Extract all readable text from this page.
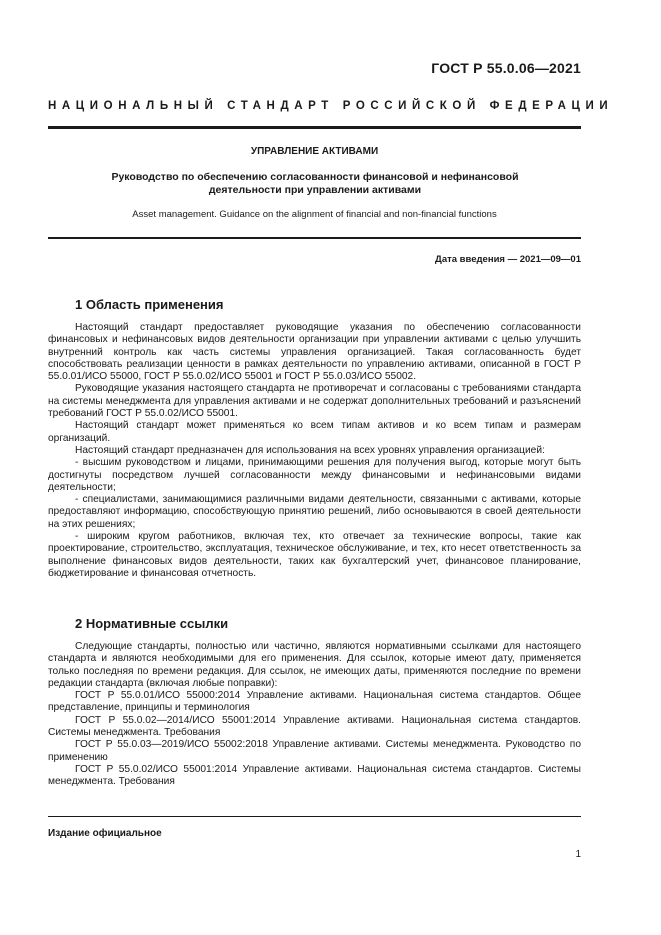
ГОСТ Р 55.0.06—2021
НАЦИОНАЛЬНЫЙ СТАНДАРТ РОССИЙСКОЙ ФЕДЕРАЦИИ
УПРАВЛЕНИЕ АКТИВАМИ
Руководство по обеспечению согласованности финансовой и нефинансовой
деятельности при управлении активами
Asset management. Guidance on the alignment of financial and non-financial functions
Дата введения — 2021—09—01
1 Область применения

Настоящий стандарт предоставляет руководящие указания по обеспечению согласованности финансовых и нефинансовых видов деятельности организации при управлении активами с целью улучшить внутренний контроль как часть системы управления организацией. Такая согласованность будет способствовать реализации ценности в рамках деятельности по управлению активами, описанной в ГОСТ Р 55.0.01/ИСО 55000, ГОСТ Р 55.0.02/ИСО 55001 и ГОСТ Р 55.0.03/ИСО 55002.

Руководящие указания настоящего стандарта не противоречат и согласованы с требованиями стандарта на системы менеджмента для управления активами и не содержат дополнительных требований и разъяснений требований ГОСТ Р 55.0.02/ИСО 55001.

Настоящий стандарт может применяться ко всем типам активов и ко всем типам и размерам организаций.

Настоящий стандарт предназначен для использования на всех уровнях управления организацией:

- высшим руководством и лицами, принимающими решения для получения выгод, которые могут быть достигнуты посредством лучшей согласованности между финансовыми и нефинансовыми видами деятельности;

- специалистами, занимающимися различными видами деятельности, связанными с активами, которые предоставляют информацию, способствующую принятию решений, либо основываются в своей деятельности на этих решениях;

- широким кругом работников, включая тех, кто отвечает за технические вопросы, такие как проектирование, строительство, эксплуатация, техническое обслуживание, и тех, кто несет ответственность за выполнение финансовых видов деятельности, таких как бухгалтерский учет, финансовое планирование, бюджетирование и финансовая отчетность.

2 Нормативные ссылки

Следующие стандарты, полностью или частично, являются нормативными ссылками для настоящего стандарта и являются необходимыми для его применения. Для ссылок, которые имеют дату, применяется только последняя по времени редакция. Для ссылок, не имеющих даты, применяются последние по времени редакции стандарта (включая любые поправки):

ГОСТ Р 55.0.01/ИСО 55000:2014 Управление активами. Национальная система стандартов. Общее представление, принципы и терминология

ГОСТ Р 55.0.02—2014/ИСО 55001:2014 Управление активами. Национальная система стандартов. Системы менеджмента. Требования

ГОСТ Р 55.0.03—2019/ИСО 55002:2018 Управление активами. Системы менеджмента. Руководство по применению

ГОСТ Р 55.0.02/ИСО 55001:2014 Управление активами. Национальная система стандартов. Системы менеджмента. Требования

Издание официальное
1
